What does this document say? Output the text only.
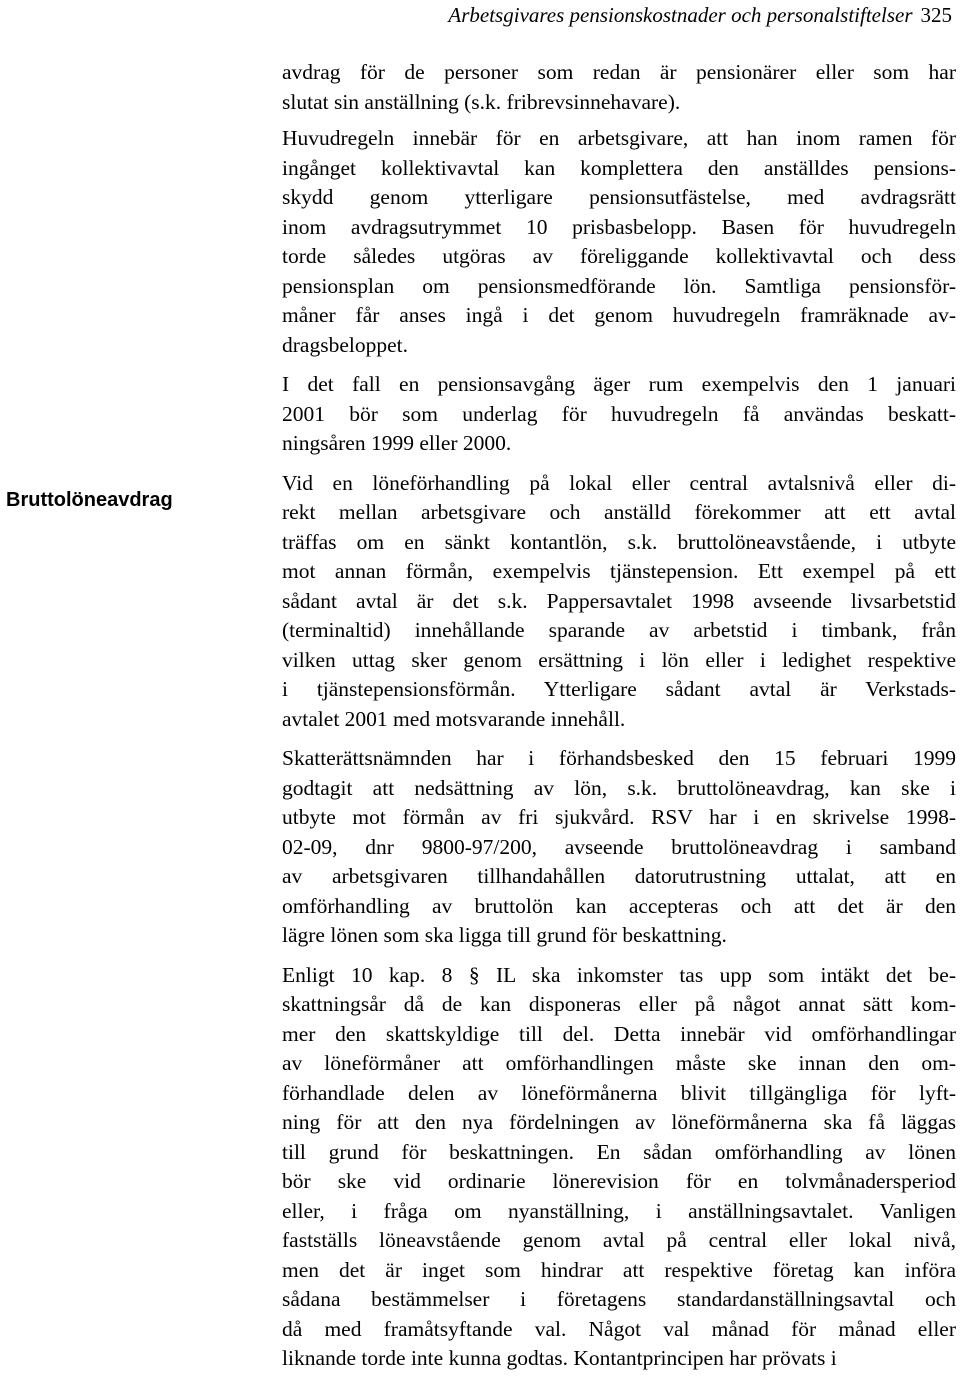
Arbetsgivares pensionskostnader och personalstiftelser 325
Bruttolöneavdrag

avdrag för de personer som redan är pensionärer eller som har
slutat sin anställning (s.k. fribrevsinnehavare).

Huvudregeln innebär för en arbetsgivare, att han inom ramen för
ingånget kollektivavtal kan komplettera den anställdes pensions-
skydd genom ytterligare pensionsutfästelse, med avdragsrätt
inom avdragsutrymmet 10 prisbasbelopp. Basen för huvudregeln
torde således utgöras av föreliggande kollektivavtal och dess
pensionsplan om pensionsmedförande lön. Samtliga pensionsför-
måner får anses ingå i det genom huvudregeln framräknade av-
dragsbeloppet.

I det fall en pensionsavgång äger rum exempelvis den 1 januari
2001 bör som underlag för huvudregeln få användas beskatt-
ningsåren 1999 eller 2000.

Vid en löneförhandling på lokal eller central avtalsnivå eller di-
rekt mellan arbetsgivare och anställd förekommer att ett avtal
träffas om en sänkt kontantlön, s.k. bruttolöneavstående, i utbyte
mot annan förmån, exempelvis tjänstepension. Ett exempel på ett
sådant avtal är det s.k. Pappersavtalet 1998 avseende livsarbetstid
(terminaltid) innehållande sparande av arbetstid i timbank, från
vilken uttag sker genom ersättning i lön eller i ledighet respektive
i tjänstepensionsförmån. Ytterligare sådant avtal är Verkstads-
avtalet 2001 med motsvarande innehåll.

Skatterättsnämnden har i förhandsbesked den 15 februari 1999
godtagit att nedsättning av lön, s.k. bruttolöneavdrag, kan ske i
utbyte mot förmån av fri sjukvård. RSV har i en skrivelse 1998-
02-09, dnr 9800-97/200, avseende bruttolöneavdrag i samband
av arbetsgivaren tillhandahållen datorutrustning uttalat, att en
omförhandling av bruttolön kan accepteras och att det är den
lägre lönen som ska ligga till grund för beskattning.

Enligt 10 kap. 8 § IL ska inkomster tas upp som intäkt det be-
skattningsår då de kan disponeras eller på något annat sätt kom-
mer den skattskyldige till del. Detta innebär vid omförhandlingar
av löneförmåner att omförhandlingen måste ske innan den om-
förhandlade delen av löneförmånerna blivit tillgängliga för lyft-
ning för att den nya fördelningen av löneförmånerna ska få läggas
till grund för beskattningen. En sådan omförhandling av lönen
bör ske vid ordinarie lönerevision för en tolvmånadersperiod
eller, i fråga om nyanställning, i anställningsavtalet. Vanligen
fastställs löneavstående genom avtal på central eller lokal nivå,
men det är inget som hindrar att respektive företag kan införa
sådana bestämmelser i företagens standardanställningsavtal och
då med framåtsyftande val. Något val månad för månad eller
liknande torde inte kunna godtas. Kontantprincipen har prövats i
